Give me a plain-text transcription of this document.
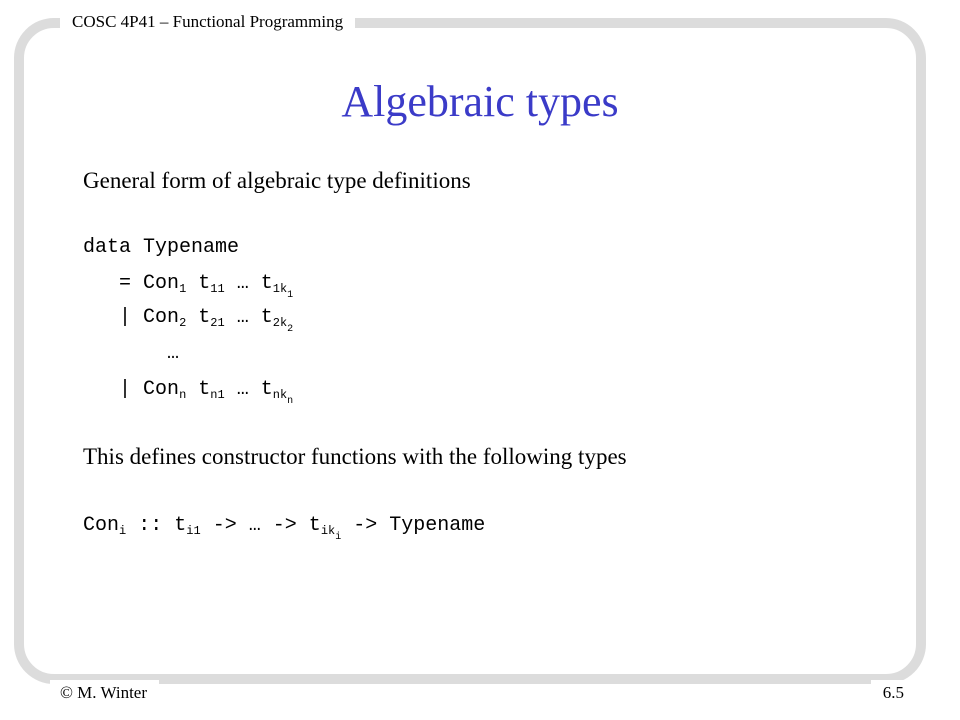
COSC 4P41 – Functional Programming
Algebraic types
General form of algebraic type definitions
data Typename
= Con$_1$ $t_{11}$ … $t_{1k_1}$
| Con$_2$ $t_{21}$ … $t_{2k_2}$
…
| Con$_n$ $t_{n1}$ … $t_{nk_n}$
This defines constructor functions with the following types
Con$_i$ :: $t_{i1}$ -> … -> $t_{ik_i}$ -> Typename
© M. Winter	6.5
